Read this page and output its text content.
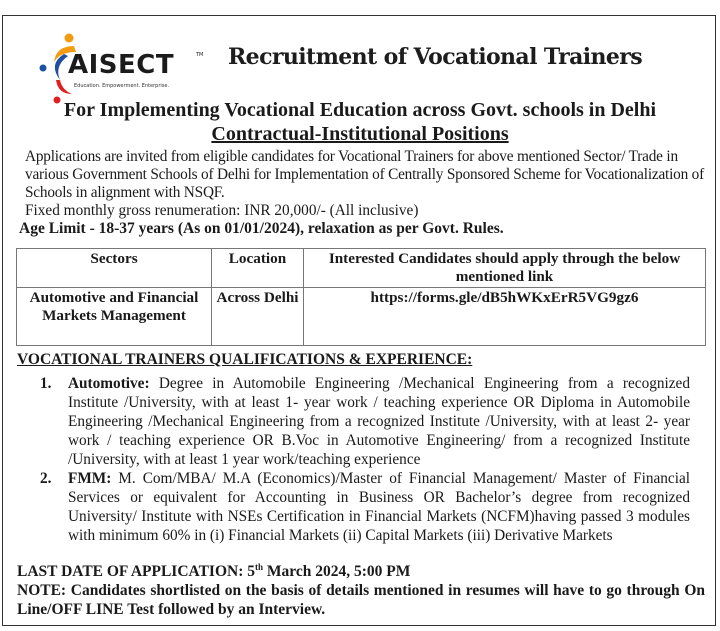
AISECT	TM
Education. Empowerment. Enterprise.
Recruitment of Vocational Trainers
For Implementing Vocational Education across Govt. schools in Delhi
Contractual-Institutional Positions
Applications are invited from eligible candidates for Vocational Trainers for above mentioned Sector/ Trade in various Government Schools of Delhi for Implementation of Centrally Sponsored Scheme for Vocationalization of Schools in alignment with NSQF.
Fixed monthly gross renumeration: INR 20,000/- (All inclusive)
Age Limit - 18-37 years (As on 01/01/2024), relaxation as per Govt. Rules.
Sectors	Location	Interested Candidates should apply through the below mentioned link
Automotive and Financial Markets Management	Across Delhi	https://forms.gle/dB5hWKxErR5VG9gz6
VOCATIONAL TRAINERS QUALIFICATIONS & EXPERIENCE:
1. Automotive: Degree in Automobile Engineering /Mechanical Engineering from a recognized Institute /University, with at least 1- year work / teaching experience OR Diploma in Automobile Engineering /Mechanical Engineering from a recognized Institute /University, with at least 2- year work / teaching experience OR B.Voc in Automotive Engineering/ from a recognized Institute /University, with at least 1 year work/teaching experience
2. FMM: M. Com/MBA/ M.A (Economics)/Master of Financial Management/ Master of Financial Services or equivalent for Accounting in Business OR Bachelor’s degree from recognized University/ Institute with NSEs Certification in Financial Markets (NCFM)having passed 3 modules with minimum 60% in (i) Financial Markets (ii) Capital Markets (iii) Derivative Markets
LAST DATE OF APPLICATION: 5th March 2024, 5:00 PM
NOTE: Candidates shortlisted on the basis of details mentioned in resumes will have to go through On Line/OFF LINE Test followed by an Interview.
